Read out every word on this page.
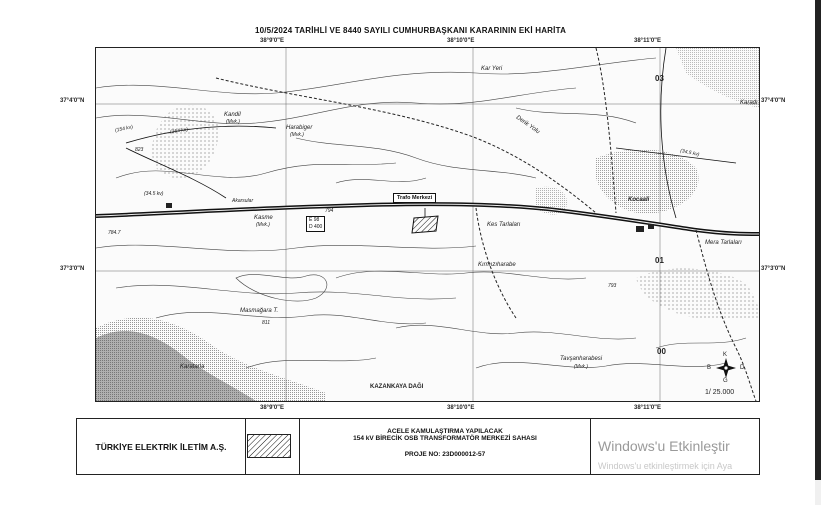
10/5/2024 TARİHLİ VE 8440 SAYILI CUMHURBAŞKANI KARARININ EKİ HARİTA
38°9'0"E	38°10'0"E	38°11'0"E
38°9'0"E	38°10'0"E	38°11'0"E
37°4'0"N
37°3'0"N
37°4'0"N
37°3'0"N
Kar Yeri
Kandil
(Mvk.)
Harabiger
(Mvk.)	Derik Yolu
Karadı
03
01
00
Akarsular
Kasme
(Mvk.)
Trafo Merkezi
Kes Tarlaları
Kocaali
Mera Tarlaları
Kırmızıharabe
Masmağara T.
Karatarla
Tavşanharabesi
(Mvk.)
KAZANKAYA DAĞI
1/ 25.000
823
794
784.7
811
793
(154 kv)
(34.5 kv)
(154 kv)
(34.5 kv)
E 98
D 400
K
B	D
G
TÜRKİYE ELEKTRİK İLETİM A.Ş.
ACELE KAMULAŞTIRMA YAPILACAK
154 kV BİRECİK OSB TRANSFORMATÖR MERKEZİ SAHASI
PROJE NO: 23D000012-57
Windows'u Etkinleştir
Windows'u etkinleştirmek için Aya
